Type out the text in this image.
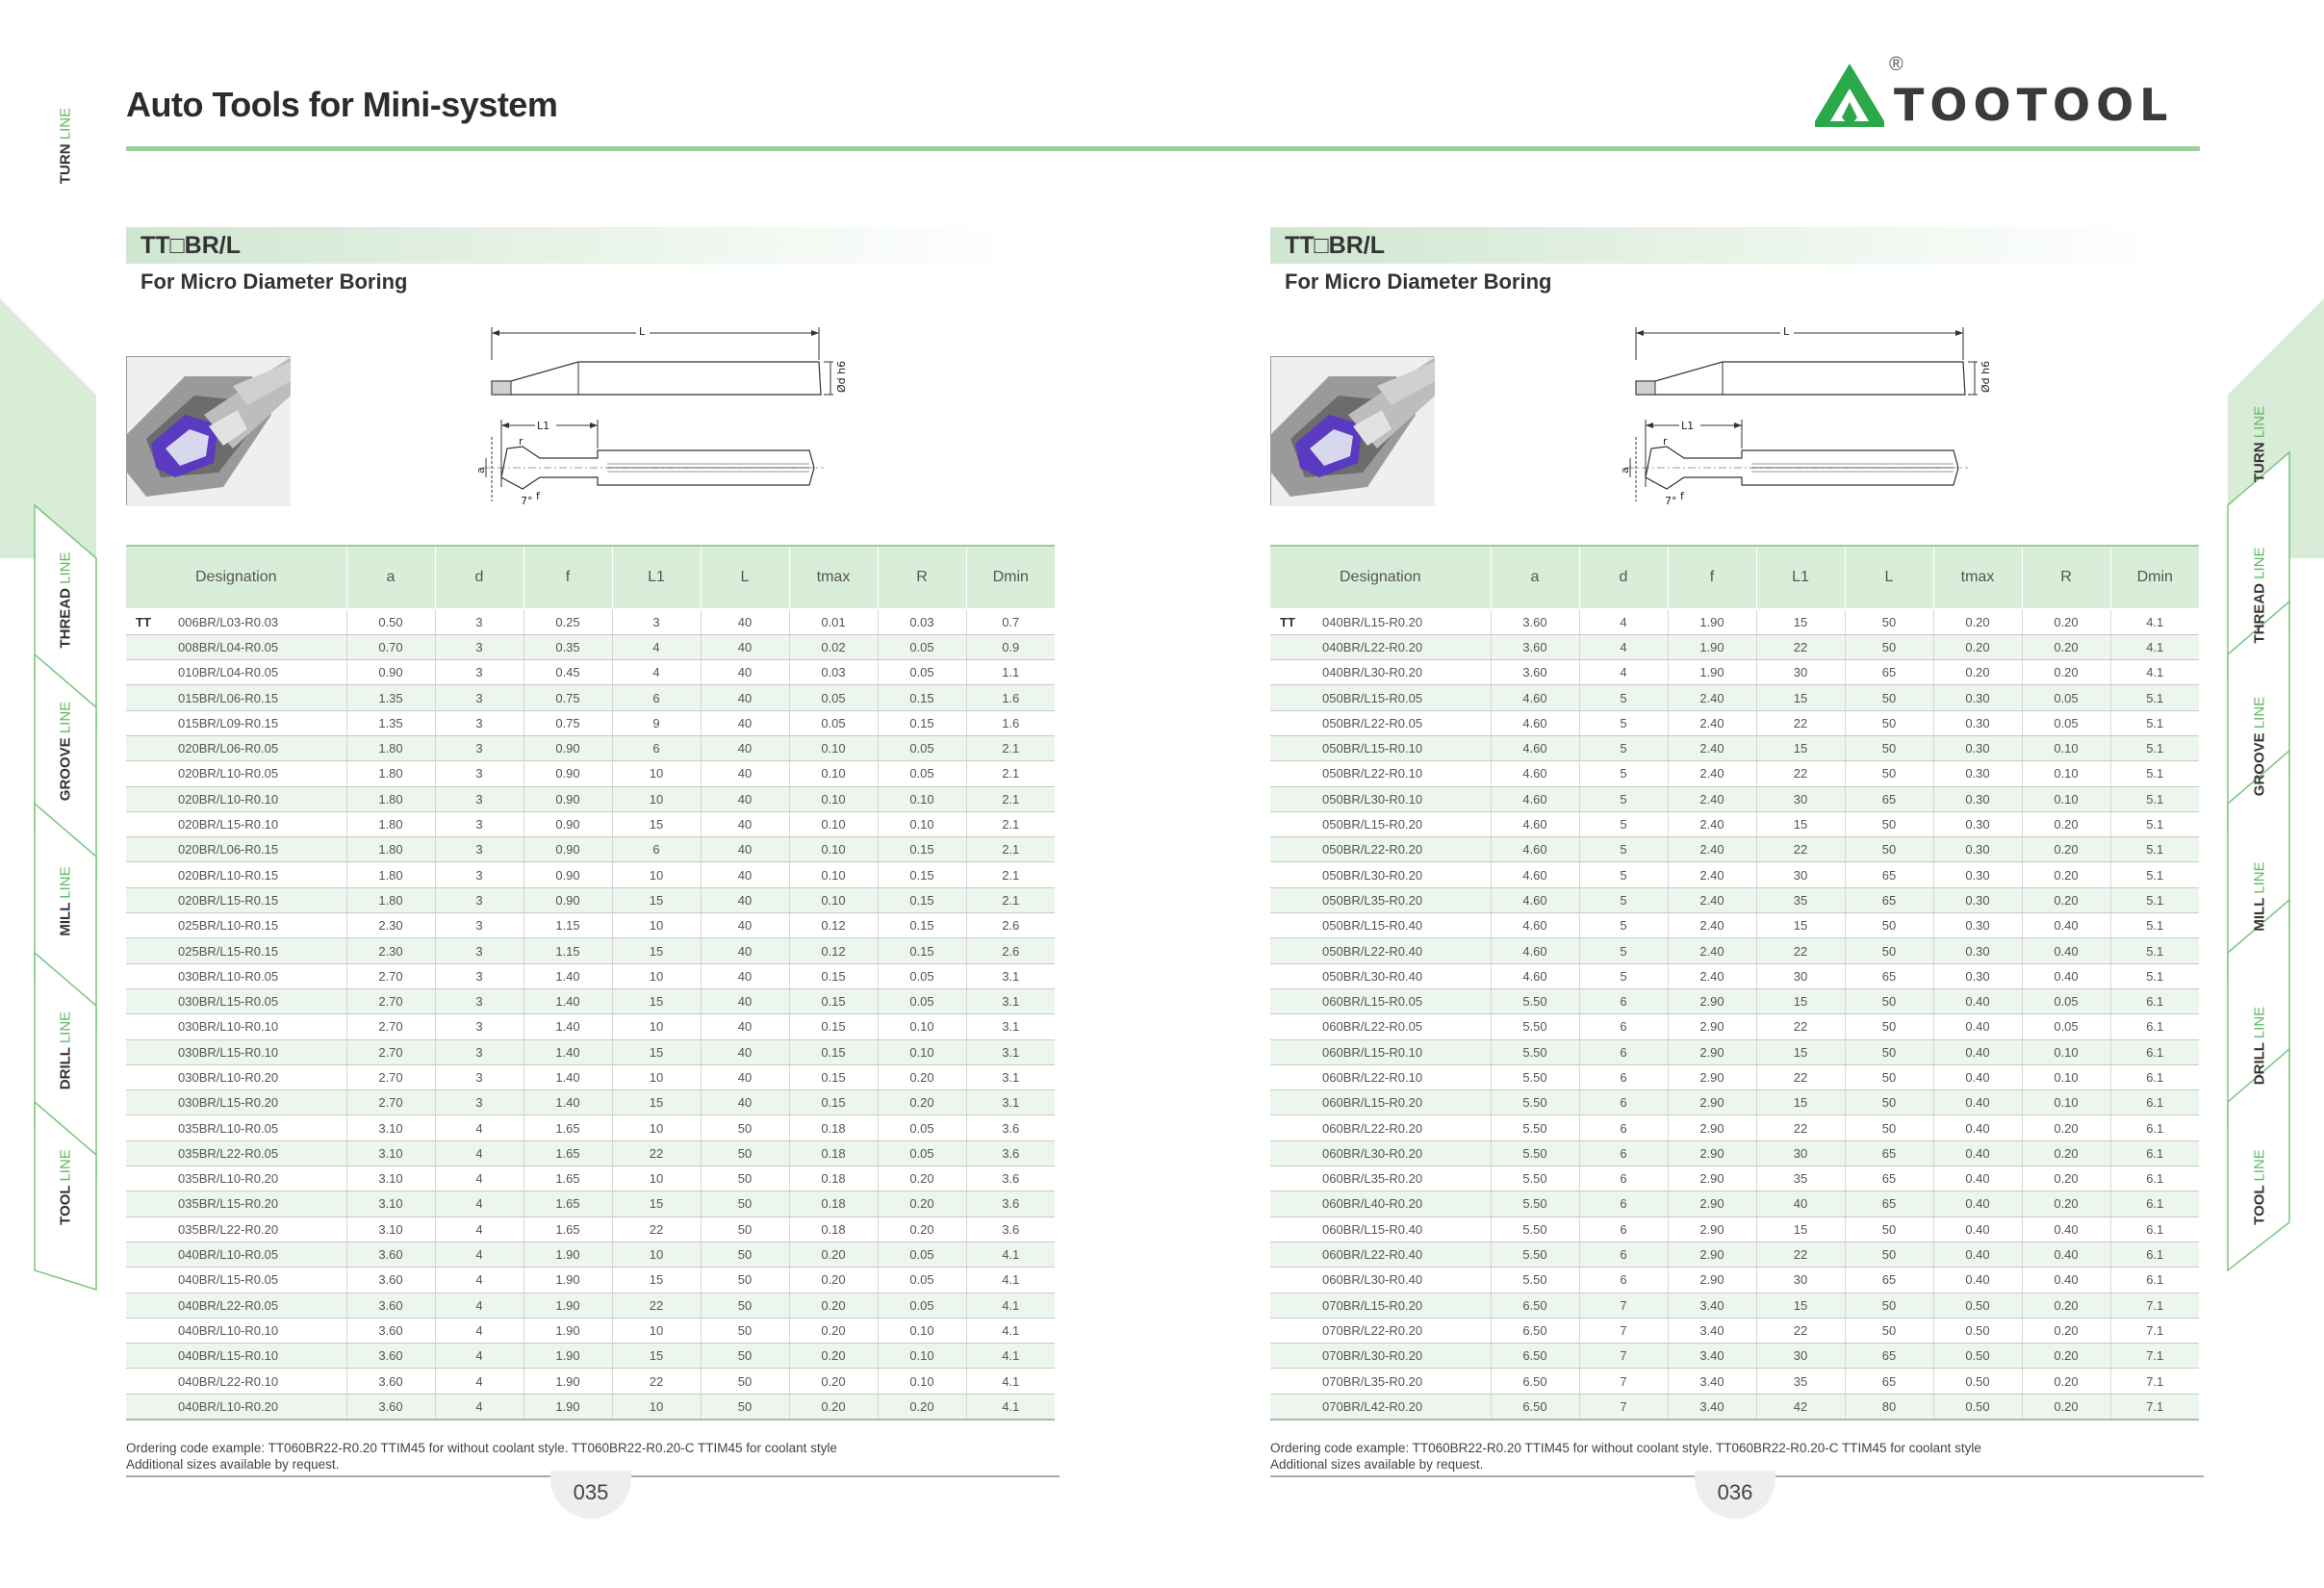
Auto Tools for Mini-system
®
TOOTOOL
TURN LINE
THREAD LINE
GROOVE LINE
MILL LINE
DRILL LINE
TOOL LINE
TURN LINE
THREAD LINE
GROOVE LINE
MILL LINE
DRILL LINE
TOOL LINE
TT□BR/L
For Micro Diameter Boring
L
Ød h6
L1
a
r
7° f
Designation		a	d	f	L1	L	tmax	R	Dmin
TT	006BR/L03-R0.03	0.50	3	0.25	3	40	0.01	0.03	0.7
	008BR/L04-R0.05	0.70	3	0.35	4	40	0.02	0.05	0.9
	010BR/L04-R0.05	0.90	3	0.45	4	40	0.03	0.05	1.1
	015BR/L06-R0.15	1.35	3	0.75	6	40	0.05	0.15	1.6
	015BR/L09-R0.15	1.35	3	0.75	9	40	0.05	0.15	1.6
	020BR/L06-R0.05	1.80	3	0.90	6	40	0.10	0.05	2.1
	020BR/L10-R0.05	1.80	3	0.90	10	40	0.10	0.05	2.1
	020BR/L10-R0.10	1.80	3	0.90	10	40	0.10	0.10	2.1
	020BR/L15-R0.10	1.80	3	0.90	15	40	0.10	0.10	2.1
	020BR/L06-R0.15	1.80	3	0.90	6	40	0.10	0.15	2.1
	020BR/L10-R0.15	1.80	3	0.90	10	40	0.10	0.15	2.1
	020BR/L15-R0.15	1.80	3	0.90	15	40	0.10	0.15	2.1
	025BR/L10-R0.15	2.30	3	1.15	10	40	0.12	0.15	2.6
	025BR/L15-R0.15	2.30	3	1.15	15	40	0.12	0.15	2.6
	030BR/L10-R0.05	2.70	3	1.40	10	40	0.15	0.05	3.1
	030BR/L15-R0.05	2.70	3	1.40	15	40	0.15	0.05	3.1
	030BR/L10-R0.10	2.70	3	1.40	10	40	0.15	0.10	3.1
	030BR/L15-R0.10	2.70	3	1.40	15	40	0.15	0.10	3.1
	030BR/L10-R0.20	2.70	3	1.40	10	40	0.15	0.20	3.1
	030BR/L15-R0.20	2.70	3	1.40	15	40	0.15	0.20	3.1
	035BR/L10-R0.05	3.10	4	1.65	10	50	0.18	0.05	3.6
	035BR/L22-R0.05	3.10	4	1.65	22	50	0.18	0.05	3.6
	035BR/L10-R0.20	3.10	4	1.65	10	50	0.18	0.20	3.6
	035BR/L15-R0.20	3.10	4	1.65	15	50	0.18	0.20	3.6
	035BR/L22-R0.20	3.10	4	1.65	22	50	0.18	0.20	3.6
	040BR/L10-R0.05	3.60	4	1.90	10	50	0.20	0.05	4.1
	040BR/L15-R0.05	3.60	4	1.90	15	50	0.20	0.05	4.1
	040BR/L22-R0.05	3.60	4	1.90	22	50	0.20	0.05	4.1
	040BR/L10-R0.10	3.60	4	1.90	10	50	0.20	0.10	4.1
	040BR/L15-R0.10	3.60	4	1.90	15	50	0.20	0.10	4.1
	040BR/L22-R0.10	3.60	4	1.90	22	50	0.20	0.10	4.1
	040BR/L10-R0.20	3.60	4	1.90	10	50	0.20	0.20	4.1
Ordering code example: TT060BR22-R0.20 TTIM45 for without coolant style. TT060BR22-R0.20-C TTIM45 for coolant style
Additional sizes available by request.
035
TT□BR/L
For Micro Diameter Boring
L
Ød h6
L1
a
r
7° f
Designation		a	d	f	L1	L	tmax	R	Dmin
TT	040BR/L15-R0.20	3.60	4	1.90	15	50	0.20	0.20	4.1
	040BR/L22-R0.20	3.60	4	1.90	22	50	0.20	0.20	4.1
	040BR/L30-R0.20	3.60	4	1.90	30	65	0.20	0.20	4.1
	050BR/L15-R0.05	4.60	5	2.40	15	50	0.30	0.05	5.1
	050BR/L22-R0.05	4.60	5	2.40	22	50	0.30	0.05	5.1
	050BR/L15-R0.10	4.60	5	2.40	15	50	0.30	0.10	5.1
	050BR/L22-R0.10	4.60	5	2.40	22	50	0.30	0.10	5.1
	050BR/L30-R0.10	4.60	5	2.40	30	65	0.30	0.10	5.1
	050BR/L15-R0.20	4.60	5	2.40	15	50	0.30	0.20	5.1
	050BR/L22-R0.20	4.60	5	2.40	22	50	0.30	0.20	5.1
	050BR/L30-R0.20	4.60	5	2.40	30	65	0.30	0.20	5.1
	050BR/L35-R0.20	4.60	5	2.40	35	65	0.30	0.20	5.1
	050BR/L15-R0.40	4.60	5	2.40	15	50	0.30	0.40	5.1
	050BR/L22-R0.40	4.60	5	2.40	22	50	0.30	0.40	5.1
	050BR/L30-R0.40	4.60	5	2.40	30	65	0.30	0.40	5.1
	060BR/L15-R0.05	5.50	6	2.90	15	50	0.40	0.05	6.1
	060BR/L22-R0.05	5.50	6	2.90	22	50	0.40	0.05	6.1
	060BR/L15-R0.10	5.50	6	2.90	15	50	0.40	0.10	6.1
	060BR/L22-R0.10	5.50	6	2.90	22	50	0.40	0.10	6.1
	060BR/L15-R0.20	5.50	6	2.90	15	50	0.40	0.10	6.1
	060BR/L22-R0.20	5.50	6	2.90	22	50	0.40	0.20	6.1
	060BR/L30-R0.20	5.50	6	2.90	30	65	0.40	0.20	6.1
	060BR/L35-R0.20	5.50	6	2.90	35	65	0.40	0.20	6.1
	060BR/L40-R0.20	5.50	6	2.90	40	65	0.40	0.20	6.1
	060BR/L15-R0.40	5.50	6	2.90	15	50	0.40	0.40	6.1
	060BR/L22-R0.40	5.50	6	2.90	22	50	0.40	0.40	6.1
	060BR/L30-R0.40	5.50	6	2.90	30	65	0.40	0.40	6.1
	070BR/L15-R0.20	6.50	7	3.40	15	50	0.50	0.20	7.1
	070BR/L22-R0.20	6.50	7	3.40	22	50	0.50	0.20	7.1
	070BR/L30-R0.20	6.50	7	3.40	30	65	0.50	0.20	7.1
	070BR/L35-R0.20	6.50	7	3.40	35	65	0.50	0.20	7.1
	070BR/L42-R0.20	6.50	7	3.40	42	80	0.50	0.20	7.1
Ordering code example: TT060BR22-R0.20 TTIM45 for without coolant style. TT060BR22-R0.20-C TTIM45 for coolant style
Additional sizes available by request.
036
